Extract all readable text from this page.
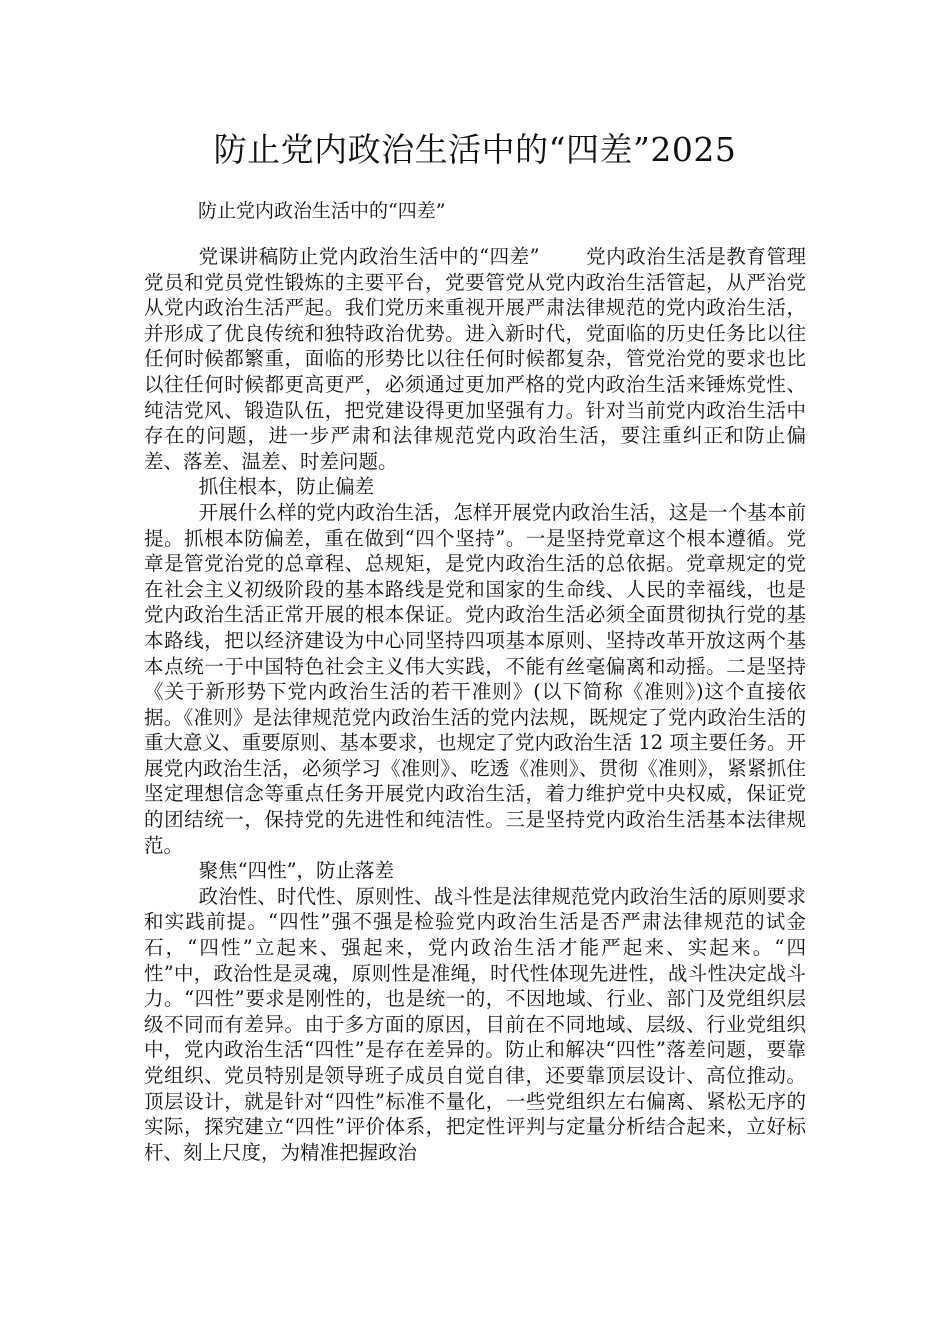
防止党内政治生活中的“四差”2025
防止党内政治生活中的“四差”

党课讲稿防止党内政治生活中的“四差” 党内政治生活是教育管理党员和党员党性锻炼的主要平台，党要管党从党内政治生活管起，从严治党从党内政治生活严起。我们党历来重视开展严肃法律规范的党内政治生活，并形成了优良传统和独特政治优势。进入新时代，党面临的历史任务比以往任何时候都繁重，面临的形势比以往任何时候都复杂，管党治党的要求也比以往任何时候都更高更严，必须通过更加严格的党内政治生活来锤炼党性、纯洁党风、锻造队伍，把党建设得更加坚强有力。针对当前党内政治生活中存在的问题，进一步严肃和法律规范党内政治生活，要注重纠正和防止偏差、落差、温差、时差问题。

抓住根本，防止偏差

开展什么样的党内政治生活，怎样开展党内政治生活，这是一个基本前提。抓根本防偏差，重在做到“四个坚持”。一是坚持党章这个根本遵循。党章是管党治党的总章程、总规矩，是党内政治生活的总依据。党章规定的党在社会主义初级阶段的基本路线是党和国家的生命线、人民的幸福线，也是党内政治生活正常开展的根本保证。党内政治生活必须全面贯彻执行党的基本路线，把以经济建设为中心同坚持四项基本原则、坚持改革开放这两个基本点统一于中国特色社会主义伟大实践，不能有丝毫偏离和动摇。二是坚持《关于新形势下党内政治生活的若干准则》(以下简称《准则》)这个直接依据。《准则》是法律规范党内政治生活的党内法规，既规定了党内政治生活的重大意义、重要原则、基本要求，也规定了党内政治生活 12 项主要任务。开展党内政治生活，必须学习《准则》、吃透《准则》、贯彻《准则》，紧紧抓住坚定理想信念等重点任务开展党内政治生活，着力维护党中央权威，保证党的团结统一，保持党的先进性和纯洁性。三是坚持党内政治生活基本法律规范。

聚焦“四性”，防止落差

政治性、时代性、原则性、战斗性是法律规范党内政治生活的原则要求和实践前提。“四性”强不强是检验党内政治生活是否严肃法律规范的试金石，“四性”立起来、强起来，党内政治生活才能严起来、实起来。“四性”中，政治性是灵魂，原则性是准绳，时代性体现先进性，战斗性决定战斗力。“四性”要求是刚性的，也是统一的，不因地域、行业、部门及党组织层级不同而有差异。由于多方面的原因，目前在不同地域、层级、行业党组织中，党内政治生活“四性”是存在差异的。防止和解决“四性”落差问题，要靠党组织、党员特别是领导班子成员自觉自律，还要靠顶层设计、高位推动。顶层设计，就是针对“四性”标准不量化，一些党组织左右偏离、紧松无序的实际，探究建立“四性”评价体系，把定性评判与定量分析结合起来，立好标杆、刻上尺度，为精准把握政治
